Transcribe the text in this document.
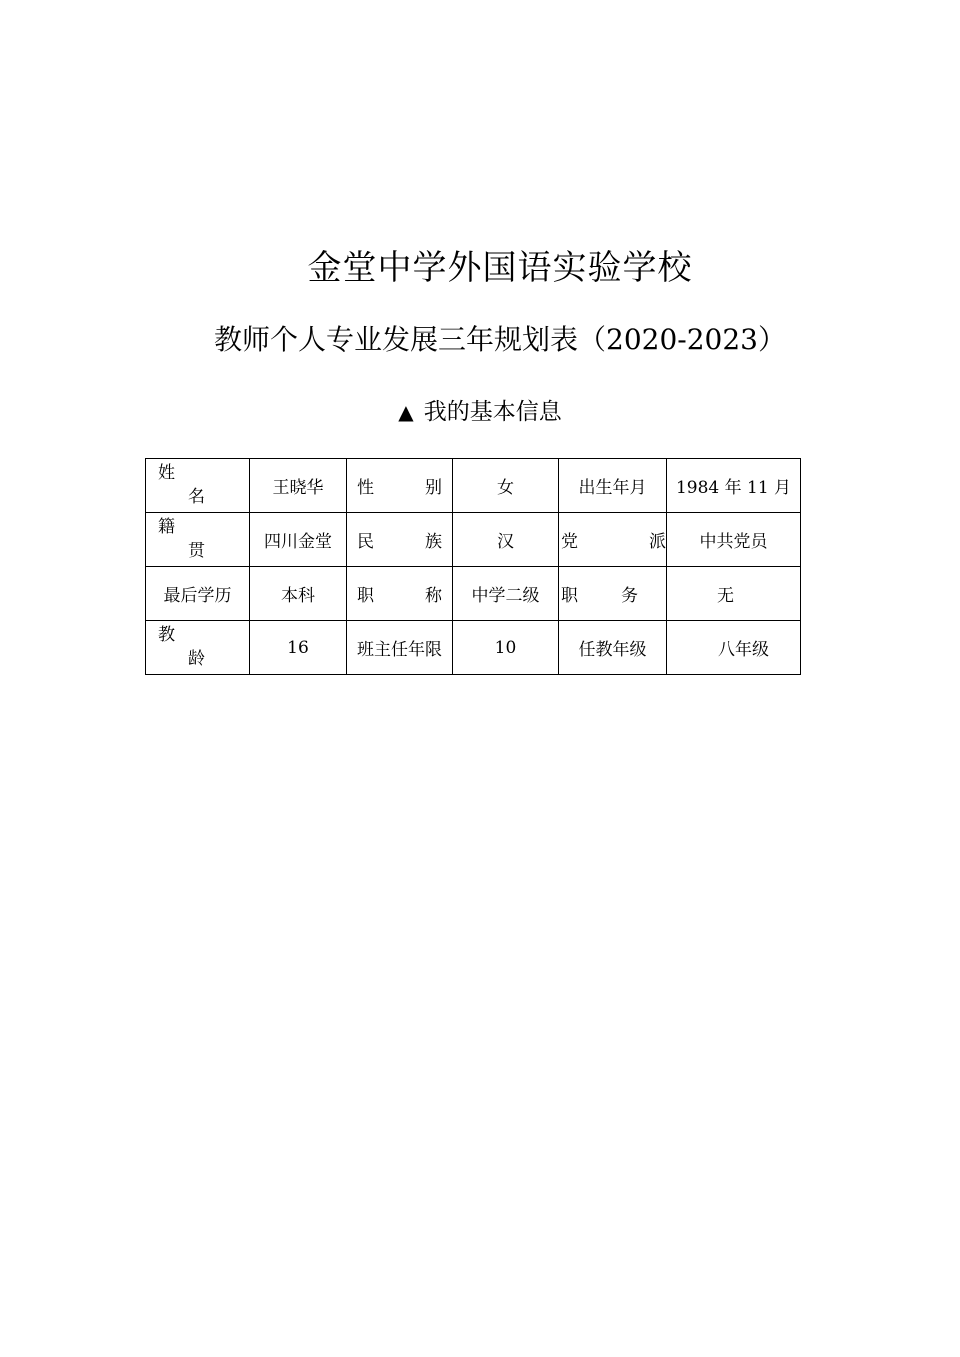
金堂中学外国语实验学校
教师个人专业发展三年规划表（2020-2023）
▲ 我的基本信息
姓
名	王晓华	性 别	女	出生年月	1984 年 11 月

籍
贯	四川金堂	民 族	汉	党 派	中共党员
最后学历	本科	职 称	中学二级	职 务	无

教
龄	16	班主任年限	10	任教年级	八年级
